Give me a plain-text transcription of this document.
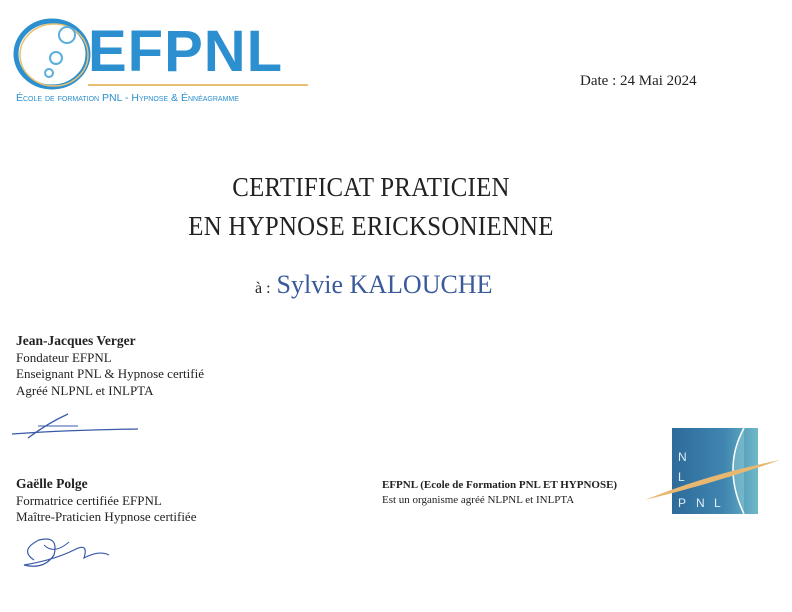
EFPNL
École de formation PNL - Hypnose & Énnéagramme
Date : 24 Mai 2024
CERTIFICAT PRATICIEN
EN HYPNOSE ERICKSONIENNE
à : Sylvie KALOUCHE
Jean-Jacques Verger
Fondateur EFPNL
Enseignant PNL & Hypnose certifié
Agréé NLPNL et INLPTA
Gaëlle Polge
Formatrice certifiée EFPNL
Maître-Praticien Hypnose certifiée
EFPNL (Ecole de Formation PNL ET HYPNOSE)
Est un organisme agréé NLPNL et INLPTA
N
L
P N L
